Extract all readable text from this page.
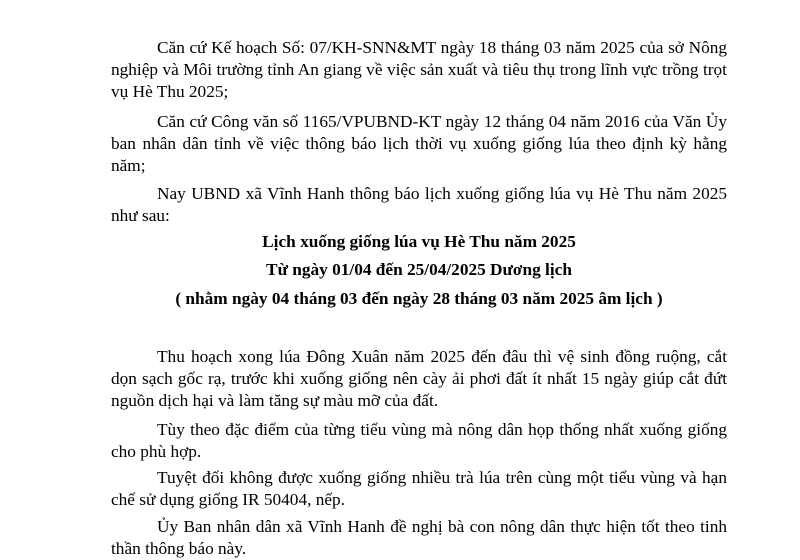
Căn cứ Kế hoạch Số: 07/KH-SNN&MT ngày 18 tháng 03 năm 2025 của sở Nông nghiệp và Môi trường tỉnh An giang về việc sản xuất và tiêu thụ trong lĩnh vực trồng trọt vụ Hè Thu 2025;

Căn cứ Công văn số 1165/VPUBND-KT ngày 12 tháng 04 năm 2016 của Văn Ủy ban nhân dân tỉnh về việc thông báo lịch thời vụ xuống giống lúa theo định kỳ hằng năm;

Nay UBND xã Vĩnh Hanh thông báo lịch xuống giống lúa vụ Hè Thu năm 2025 như sau:

Lịch xuống giống lúa vụ Hè Thu năm 2025

Từ ngày 01/04 đến 25/04/2025 Dương lịch

( nhằm ngày 04 tháng 03 đến ngày 28 tháng 03 năm 2025 âm lịch )

Thu hoạch xong lúa Đông Xuân năm 2025 đến đâu thì vệ sinh đồng ruộng, cắt dọn sạch gốc rạ, trước khi xuống giống nên cày ải phơi đất ít nhất 15 ngày giúp cắt đứt nguồn dịch hại và làm tăng sự màu mỡ của đất.

Tùy theo đặc điểm của từng tiểu vùng mà nông dân họp thống nhất xuống giống cho phù hợp.

Tuyệt đối không được xuống giống nhiều trà lúa trên cùng một tiểu vùng và hạn chế sử dụng giống IR 50404, nếp.

Ủy Ban nhân dân xã Vĩnh Hanh đề nghị bà con nông dân thực hiện tốt theo tinh thần thông báo này.
